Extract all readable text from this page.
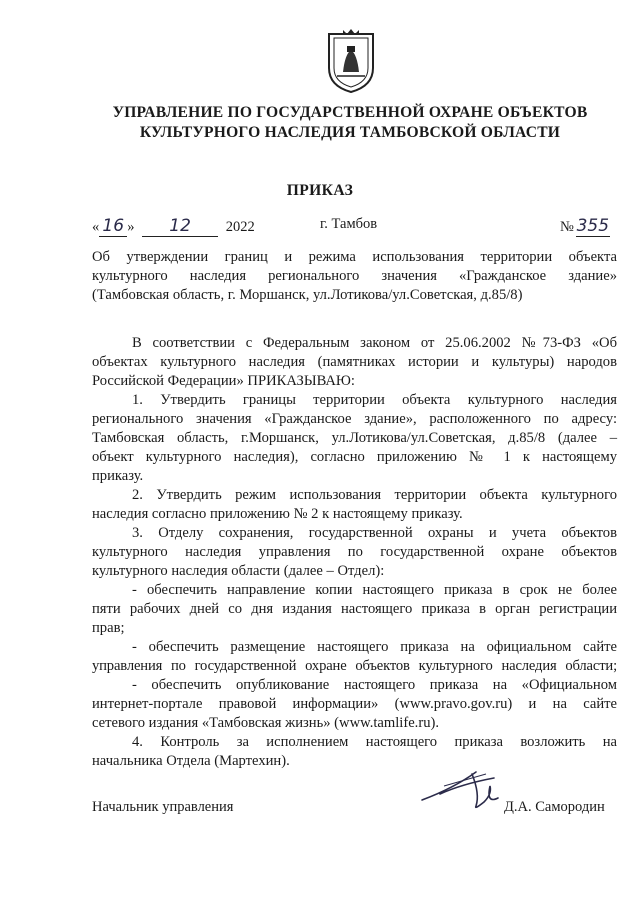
УПРАВЛЕНИЕ ПО ГОСУДАРСТВЕННОЙ ОХРАНЕ ОБЪЕКТОВ
КУЛЬТУРНОГО НАСЛЕДИЯ ТАМБОВСКОЙ ОБЛАСТИ
ПРИКАЗ
« 16 » 12 2022	г. Тамбов	№ 355
Об утверждении границ и режима использования территории объекта
культурного наследия регионального значения «Гражданское здание»
(Тамбовская область, г. Моршанск, ул.Лотикова/ул.Советская, д.85/8)
В соответствии с Федеральным законом от 25.06.2002 №73-ФЗ «Об
объектах культурного наследия (памятниках истории и культуры) народов
Российской Федерации» ПРИКАЗЫВАЮ:
1. Утвердить границы территории объекта культурного наследия
регионального значения «Гражданское здание», расположенного по адресу:
Тамбовская область, г.Моршанск, ул.Лотикова/ул.Советская, д.85/8 (далее –
объект культурного наследия), согласно приложению № 1 к настоящему
приказу.
2. Утвердить режим использования территории объекта культурного
наследия согласно приложению № 2 к настоящему приказу.
3. Отделу сохранения, государственной охраны и учета объектов
культурного наследия управления по государственной охране объектов
культурного наследия области (далее – Отдел):
- обеспечить направление копии настоящего приказа в срок не более
пяти рабочих дней со дня издания настоящего приказа в орган регистрации
прав;
- обеспечить размещение настоящего приказа на официальном сайте
управления по государственной охране объектов культурного наследия области;
- обеспечить опубликование настоящего приказа на «Официальном
интернет-портале правовой информации» (www.pravo.gov.ru) и на сайте
сетевого издания «Тамбовская жизнь» (www.tamlife.ru).
4. Контроль за исполнением настоящего приказа возложить на
начальника Отдела (Мартехин).
Начальник управления	Д.А. Самородин
